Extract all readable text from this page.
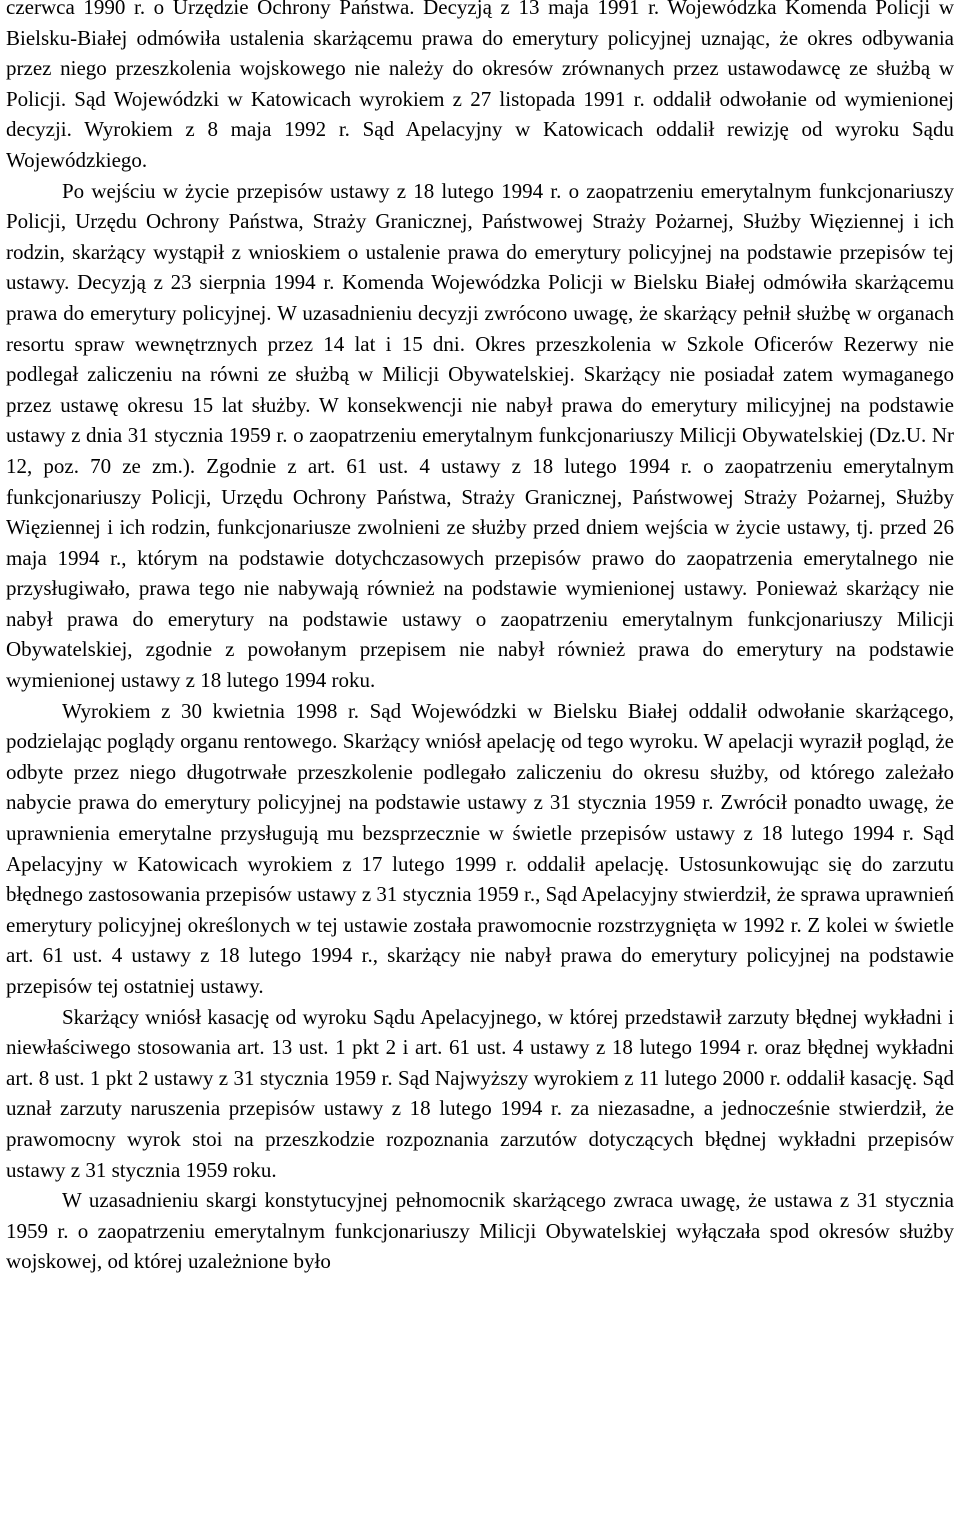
czerwca 1990 r. o Urzędzie Ochrony Państwa. Decyzją z 13 maja 1991 r. Wojewódzka Komenda Policji w Bielsku-Białej odmówiła ustalenia skarżącemu prawa do emerytury policyjnej uznając, że okres odbywania przez niego przeszkolenia wojskowego nie należy do okresów zrównanych przez ustawodawcę ze służbą w Policji. Sąd Wojewódzki w Katowicach wyrokiem z 27 listopada 1991 r. oddalił odwołanie od wymienionej decyzji. Wyrokiem z 8 maja 1992 r. Sąd Apelacyjny w Katowicach oddalił rewizję od wyroku Sądu Wojewódzkiego.

Po wejściu w życie przepisów ustawy z 18 lutego 1994 r. o zaopatrzeniu emerytalnym funkcjonariuszy Policji, Urzędu Ochrony Państwa, Straży Granicznej, Państwowej Straży Pożarnej, Służby Więziennej i ich rodzin, skarżący wystąpił z wnioskiem o ustalenie prawa do emerytury policyjnej na podstawie przepisów tej ustawy. Decyzją z 23 sierpnia 1994 r. Komenda Wojewódzka Policji w Bielsku Białej odmówiła skarżącemu prawa do emerytury policyjnej. W uzasadnieniu decyzji zwrócono uwagę, że skarżący pełnił służbę w organach resortu spraw wewnętrznych przez 14 lat i 15 dni. Okres przeszkolenia w Szkole Oficerów Rezerwy nie podlegał zaliczeniu na równi ze służbą w Milicji Obywatelskiej. Skarżący nie posiadał zatem wymaganego przez ustawę okresu 15 lat służby. W konsekwencji nie nabył prawa do emerytury milicyjnej na podstawie ustawy z dnia 31 stycznia 1959 r. o zaopatrzeniu emerytalnym funkcjonariuszy Milicji Obywatelskiej (Dz.U. Nr 12, poz. 70 ze zm.). Zgodnie z art. 61 ust. 4 ustawy z 18 lutego 1994 r. o zaopatrzeniu emerytalnym funkcjonariuszy Policji, Urzędu Ochrony Państwa, Straży Granicznej, Państwowej Straży Pożarnej, Służby Więziennej i ich rodzin, funkcjonariusze zwolnieni ze służby przed dniem wejścia w życie ustawy, tj. przed 26 maja 1994 r., którym na podstawie dotychczasowych przepisów prawo do zaopatrzenia emerytalnego nie przysługiwało, prawa tego nie nabywają również na podstawie wymienionej ustawy. Ponieważ skarżący nie nabył prawa do emerytury na podstawie ustawy o zaopatrzeniu emerytalnym funkcjonariuszy Milicji Obywatelskiej, zgodnie z powołanym przepisem nie nabył również prawa do emerytury na podstawie wymienionej ustawy z 18 lutego 1994 roku.

Wyrokiem z 30 kwietnia 1998 r. Sąd Wojewódzki w Bielsku Białej oddalił odwołanie skarżącego, podzielając poglądy organu rentowego. Skarżący wniósł apelację od tego wyroku. W apelacji wyraził pogląd, że odbyte przez niego długotrwałe przeszkolenie podlegało zaliczeniu do okresu służby, od którego zależało nabycie prawa do emerytury policyjnej na podstawie ustawy z 31 stycznia 1959 r. Zwrócił ponadto uwagę, że uprawnienia emerytalne przysługują mu bezsprzecznie w świetle przepisów ustawy z 18 lutego 1994 r. Sąd Apelacyjny w Katowicach wyrokiem z 17 lutego 1999 r. oddalił apelację. Ustosunkowując się do zarzutu błędnego zastosowania przepisów ustawy z 31 stycznia 1959 r., Sąd Apelacyjny stwierdził, że sprawa uprawnień emerytury policyjnej określonych w tej ustawie została prawomocnie rozstrzygnięta w 1992 r. Z kolei w świetle art. 61 ust. 4 ustawy z 18 lutego 1994 r., skarżący nie nabył prawa do emerytury policyjnej na podstawie przepisów tej ostatniej ustawy.

Skarżący wniósł kasację od wyroku Sądu Apelacyjnego, w której przedstawił zarzuty błędnej wykładni i niewłaściwego stosowania art. 13 ust. 1 pkt 2 i art. 61 ust. 4 ustawy z 18 lutego 1994 r. oraz błędnej wykładni art. 8 ust. 1 pkt 2 ustawy z 31 stycznia 1959 r. Sąd Najwyższy wyrokiem z 11 lutego 2000 r. oddalił kasację. Sąd uznał zarzuty naruszenia przepisów ustawy z 18 lutego 1994 r. za niezasadne, a jednocześnie stwierdził, że prawomocny wyrok stoi na przeszkodzie rozpoznania zarzutów dotyczących błędnej wykładni przepisów ustawy z 31 stycznia 1959 roku.

W uzasadnieniu skargi konstytucyjnej pełnomocnik skarżącego zwraca uwagę, że ustawa z 31 stycznia 1959 r. o zaopatrzeniu emerytalnym funkcjonariuszy Milicji Obywatelskiej wyłączała spod okresów służby wojskowej, od której uzależnione było
